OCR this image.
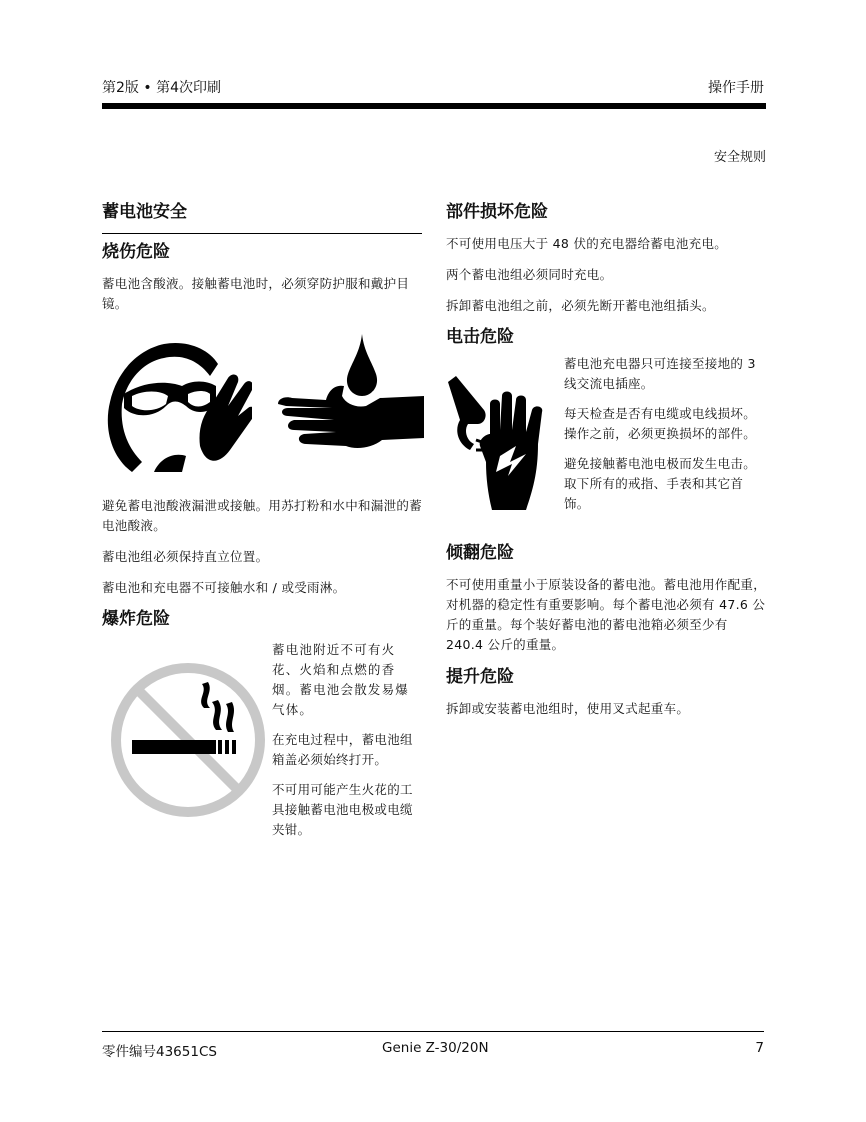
第2版 • 第4次印刷	操作手册
安全规则
蓄电池安全
烧伤危险

蓄电池含酸液。接触蓄电池时，必须穿防护服和戴护目镜。

避免蓄电池酸液漏泄或接触。用苏打粉和水中和漏泄的蓄电池酸液。

蓄电池组必须保持直立位置。

蓄电池和充电器不可接触水和 / 或受雨淋。

爆炸危险

蓄电池附近不可有火花、火焰和点燃的香烟。蓄电池会散发易爆气体。

在充电过程中，蓄电池组箱盖必须始终打开。

不可用可能产生火花的工具接触蓄电池电极或电缆夹钳。

部件损坏危险

不可使用电压大于 48 伏的充电器给蓄电池充电。

两个蓄电池组必须同时充电。

拆卸蓄电池组之前，必须先断开蓄电池组插头。

电击危险

蓄电池充电器只可连接至接地的 3 线交流电插座。

每天检查是否有电缆或电线损坏。操作之前，必须更换损坏的部件。

避免接触蓄电池电极而发生电击。取下所有的戒指、手表和其它首饰。

倾翻危险

不可使用重量小于原装设备的蓄电池。蓄电池用作配重，对机器的稳定性有重要影响。每个蓄电池必须有 47.6 公斤的重量。每个装好蓄电池的蓄电池箱必须至少有 240.4 公斤的重量。

提升危险

拆卸或安装蓄电池组时，使用叉式起重车。

零件编号43651CS	Genie Z-30/20N	7
